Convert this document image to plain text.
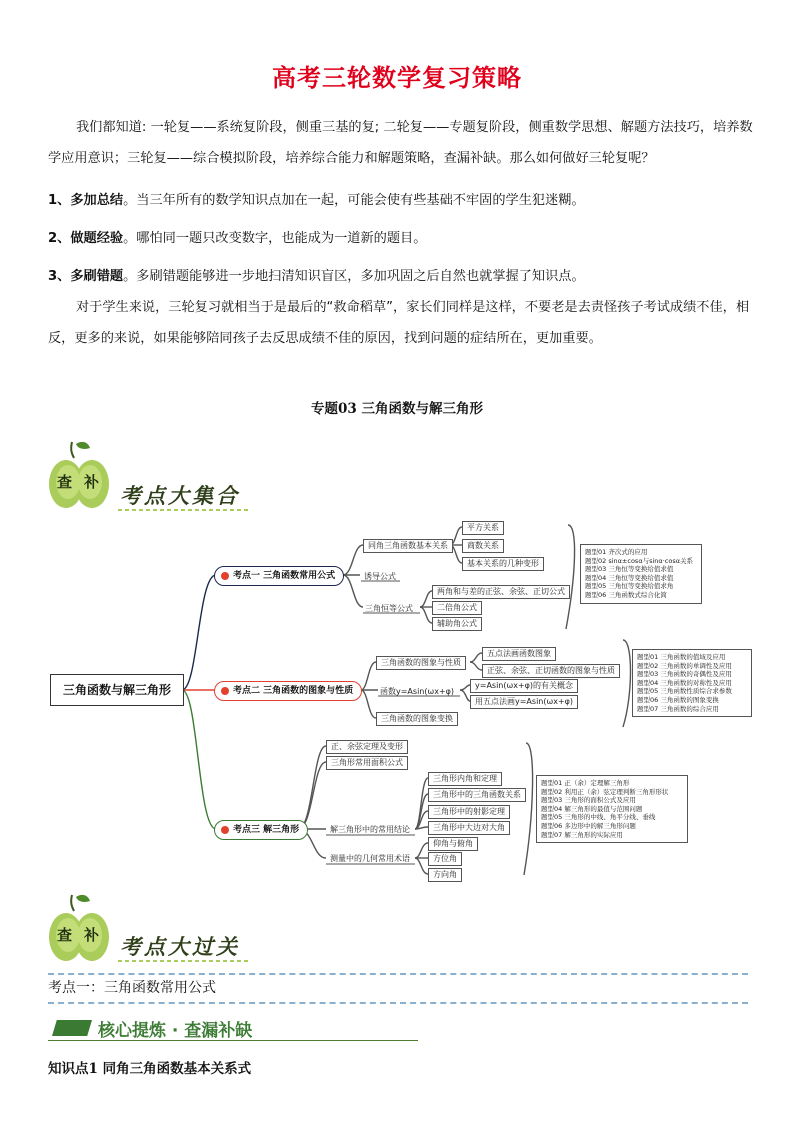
高考三轮数学复习策略
我们都知道: 一轮复——系统复阶段，侧重三基的复; 二轮复——专题复阶段，侧重数学思想、解题方法技巧，培养数学应用意识；三轮复——综合模拟阶段，培养综合能力和解题策略，查漏补缺。那么如何做好三轮复呢？
1、多加总结。当三年所有的数学知识点加在一起，可能会使有些基础不牢固的学生犯迷糊。
2、做题经验。哪怕同一题只改变数字，也能成为一道新的题目。
3、多刷错题。多刷错题能够进一步地扫清知识盲区，多加巩固之后自然也就掌握了知识点。
对于学生来说，三轮复习就相当于是最后的“救命稻草”，家长们同样是这样，不要老是去责怪孩子考试成绩不佳，相反，更多的来说，如果能够陪同孩子去反思成绩不佳的原因，找到问题的症结所在，更加重要。
专题03 三角函数与解三角形
查 补
考点大集合
三角函数与解三角形
考点一 三角函数常用公式
同角三角函数基本关系
平方关系
商数关系
基本关系的几种变形
诱导公式
三角恒等公式
两角和与差的正弦、余弦、正切公式
二倍角公式
辅助角公式
题型01 齐次式的应用
题型02 sinα±cosα与sinα·cosα关系
题型03 三角恒等变换给值求值
题型04 三角恒等变换给值求值
题型05 三角恒等变换给值求角
题型06 三角函数式综合化简
考点二 三角函数的图象与性质
三角函数的图象与性质
五点法画函数图象
正弦、余弦、正切函数的图象与性质
函数y=Asin(ωx+φ)
y=Asin(ωx+φ)的有关概念
用五点法画y=Asin(ωx+φ)
三角函数的图象变换
题型01 三角函数的值域及应用
题型02 三角函数的单调性及应用
题型03 三角函数的奇偶性及应用
题型04 三角函数的对称性及应用
题型05 三角函数性质综合求参数
题型06 三角函数的图象变换
题型07 三角函数的综合应用
考点三 解三角形
正、余弦定理及变形
三角形常用面积公式
解三角形中的常用结论
三角形内角和定理
三角形中的三角函数关系
三角形中的射影定理
三角形中大边对大角
测量中的几何常用术语
仰角与俯角
方位角
方向角
题型01 正（余）定理解三角形
题型02 利用正（余）弦定理判断三角形形状
题型03 三角形的面积公式及应用
题型04 解三角形的最值与范围问题
题型05 三角形的中线、角平分线、垂线
题型06 多边形中的解三角形问题
题型07 解三角形的实际应用
查 补 考点大过关
考点一：三角函数常用公式
核心提炼 · 查漏补缺
知识点1 同角三角函数基本关系式
